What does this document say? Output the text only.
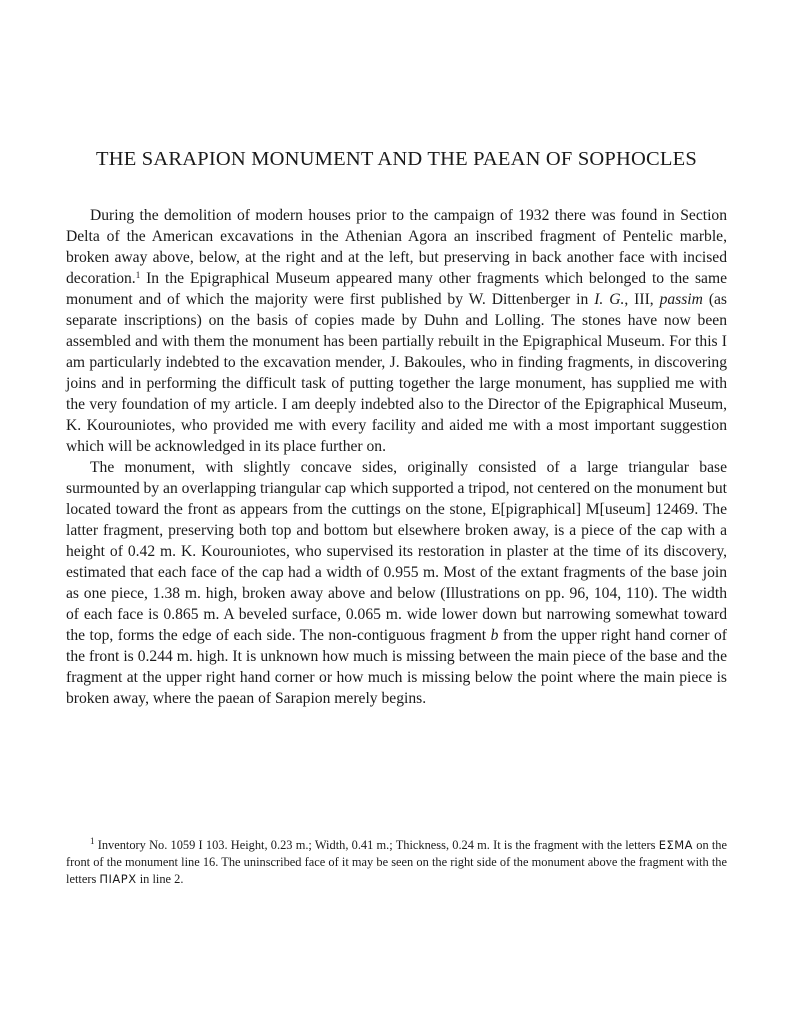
THE SARAPION MONUMENT AND THE PAEAN OF SOPHOCLES

During the demolition of modern houses prior to the campaign of 1932 there was found in Section Delta of the American excavations in the Athenian Agora an inscribed fragment of Pentelic marble, broken away above, below, at the right and at the left, but preserving in back another face with incised decoration.$^1$ In the Epigraphical Museum appeared many other fragments which belonged to the same monument and of which the majority were first published by W. Dittenberger in I. G., III, passim (as separate inscriptions) on the basis of copies made by Duhn and Lolling. The stones have now been assembled and with them the monument has been partially rebuilt in the Epigraphical Museum. For this I am particularly indebted to the excavation mender, J. Bakoules, who in finding fragments, in discovering joins and in performing the difficult task of putting together the large monument, has supplied me with the very foundation of my article. I am deeply indebted also to the Director of the Epigraphical Museum, K. Kourouniotes, who provided me with every facility and aided me with a most important suggestion which will be acknowledged in its place further on.

The monument, with slightly concave sides, originally consisted of a large triangular base surmounted by an overlapping triangular cap which supported a tripod, not centered on the monument but located toward the front as appears from the cuttings on the stone, E[pigraphical] M[useum] 12469. The latter fragment, preserving both top and bottom but elsewhere broken away, is a piece of the cap with a height of 0.42 m. K. Kourouniotes, who supervised its restoration in plaster at the time of its discovery, estimated that each face of the cap had a width of 0.955 m. Most of the extant fragments of the base join as one piece, 1.38 m. high, broken away above and below (Illustrations on pp. 96, 104, 110). The width of each face is 0.865 m. A beveled surface, 0.065 m. wide lower down but narrowing somewhat toward the top, forms the edge of each side. The non-contiguous fragment b from the upper right hand corner of the front is 0.244 m. high. It is unknown how much is missing between the main piece of the base and the fragment at the upper right hand corner or how much is missing below the point where the main piece is broken away, where the paean of Sarapion merely begins.

$^1$ Inventory No. 1059 I 103. Height, 0.23 m.; Width, 0.41 m.; Thickness, 0.24 m. It is the fragment with the letters ΕΣΜΑ on the front of the monument line 16. The uninscribed face of it may be seen on the right side of the monument above the fragment with the letters ΠΙΑΡΧ in line 2.
